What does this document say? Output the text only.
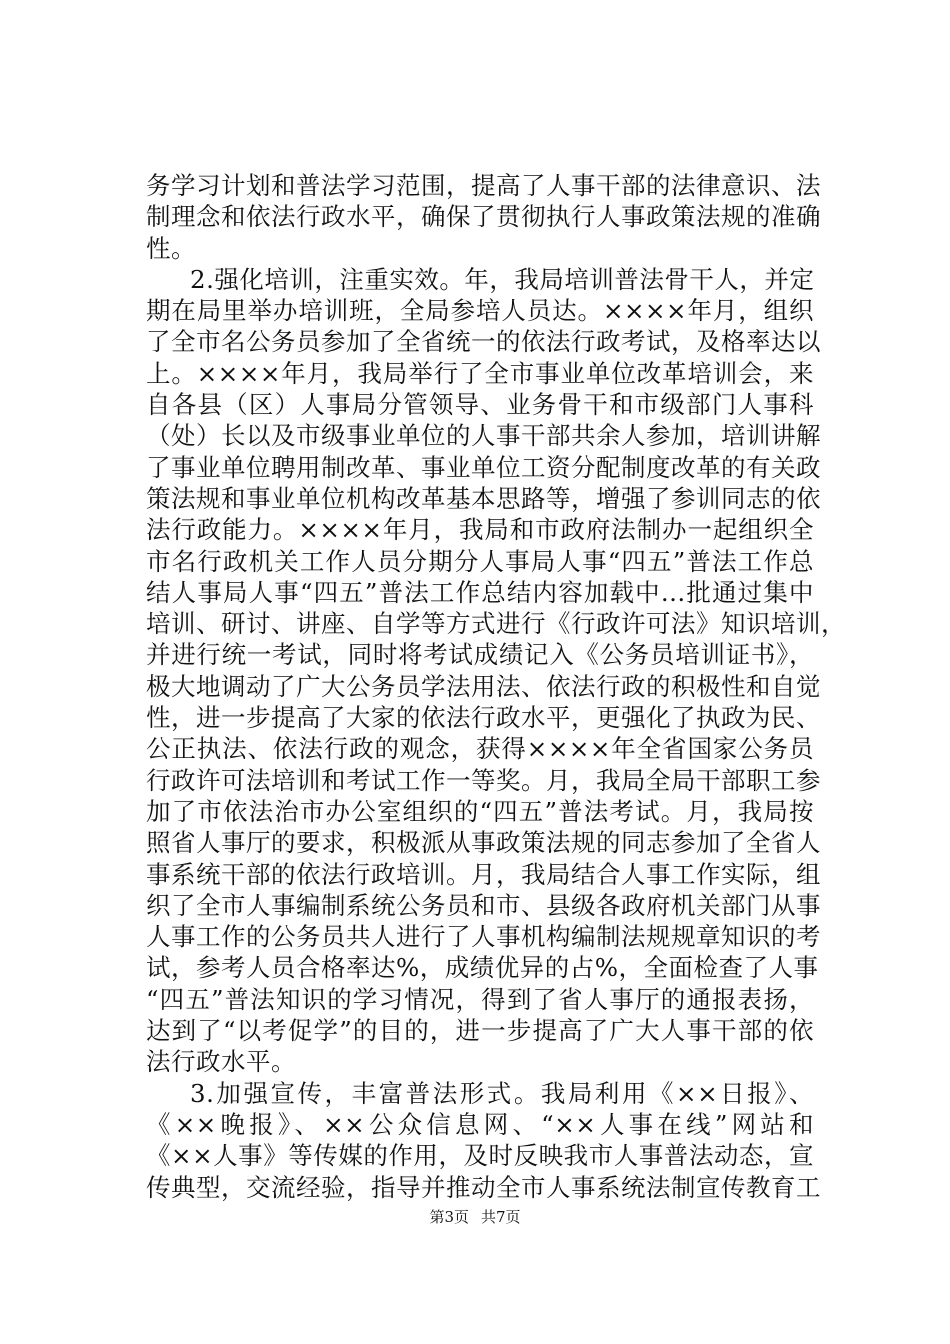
务学习计划和普法学习范围，提高了人事干部的法律意识、法
制理念和依法行政水平，确保了贯彻执行人事政策法规的准确
性。
2.强化培训，注重实效。年，我局培训普法骨干人，并定
期在局里举办培训班，全局参培人员达。××××年月，组织
了全市名公务员参加了全省统一的依法行政考试，及格率达以
上。××××年月，我局举行了全市事业单位改革培训会，来
自各县（区）人事局分管领导、业务骨干和市级部门人事科
（处）长以及市级事业单位的人事干部共余人参加，培训讲解
了事业单位聘用制改革、事业单位工资分配制度改革的有关政
策法规和事业单位机构改革基本思路等，增强了参训同志的依
法行政能力。××××年月，我局和市政府法制办一起组织全
市名行政机关工作人员分期分人事局人事“四五”普法工作总
结人事局人事“四五”普法工作总结内容加载中...批通过集中
培训、研讨、讲座、自学等方式进行《行政许可法》知识培训，
并进行统一考试，同时将考试成绩记入《公务员培训证书》，
极大地调动了广大公务员学法用法、依法行政的积极性和自觉
性，进一步提高了大家的依法行政水平，更强化了执政为民、
公正执法、依法行政的观念，获得××××年全省国家公务员
行政许可法培训和考试工作一等奖。月，我局全局干部职工参
加了市依法治市办公室组织的“四五”普法考试。月，我局按
照省人事厅的要求，积极派从事政策法规的同志参加了全省人
事系统干部的依法行政培训。月，我局结合人事工作实际，组
织了全市人事编制系统公务员和市、县级各政府机关部门从事
人事工作的公务员共人进行了人事机构编制法规规章知识的考
试，参考人员合格率达%，成绩优异的占%，全面检查了人事
“四五”普法知识的学习情况，得到了省人事厅的通报表扬，
达到了“以考促学”的目的，进一步提高了广大人事干部的依
法行政水平。
3.加强宣传，丰富普法形式。我局利用《××日报》、
《××晚报》、××公众信息网、“××人事在线”网站和
《××人事》等传媒的作用，及时反映我市人事普法动态，宣
传典型，交流经验，指导并推动全市人事系统法制宣传教育工
第3页 共7页
